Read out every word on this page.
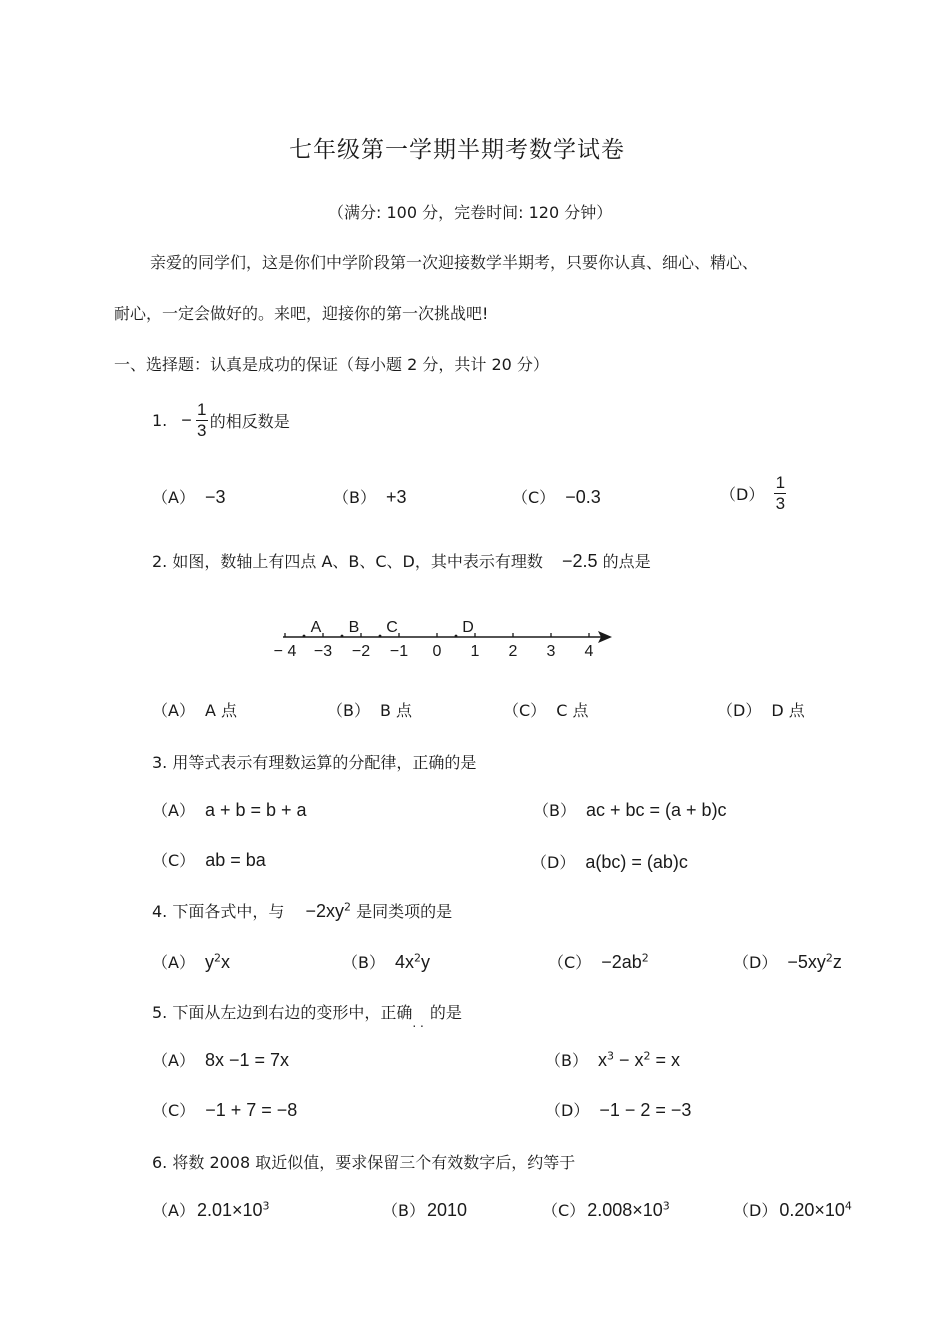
七年级第一学期半期考数学试卷
（满分: 100 分，完卷时间: 120 分钟）
亲爱的同学们，这是你们中学阶段第一次迎接数学半期考，只要你认真、细心、精心、
耐心，一定会做好的。来吧，迎接你的第一次挑战吧!
一、选择题：认真是成功的保证（每小题 2 分，共计 20 分）
1. − $\frac{1}{3}$ 的相反数是
（A） −3	（B） +3	（C） −0.3	$(D) \frac{1}{3}$
2. 如图，数轴上有四点 A、B、C、D，其中表示有理数 −2.5 的点是
− 4 −3 −2 −1 0 1 2 3 4
A B C	D
（A） A 点	（B） B 点	（C） C 点	（D） D 点
3. 用等式表示有理数运算的分配律，正确的是
（A） a + b = b + a	（B） ac + bc = (a + b)c
（C） ab = ba	（D） a(bc) = (ab)c
4. 下面各式中，与 $-2xy^2$ 是同类项的是
（A） $y^2x$	（B） $4x^2y$	$(C) -2ab^2$	$(D) -5xy^2z$
5. 下面从左边到右边的变形中，正确$_{. .}$的是
（A） 8x −1 = 7x	（B） $x^3 - x^2 = x$
（C） −1 + 7 = −8	（D） −1 − 2 = −3
6. 将数 2008 取近似值，要求保留三个有效数字后，约等于
（A） $2.01\times 10^3$	（B） 2010	（C） $2.008\times 10^3$	（D） $0.20\times 10^4$
